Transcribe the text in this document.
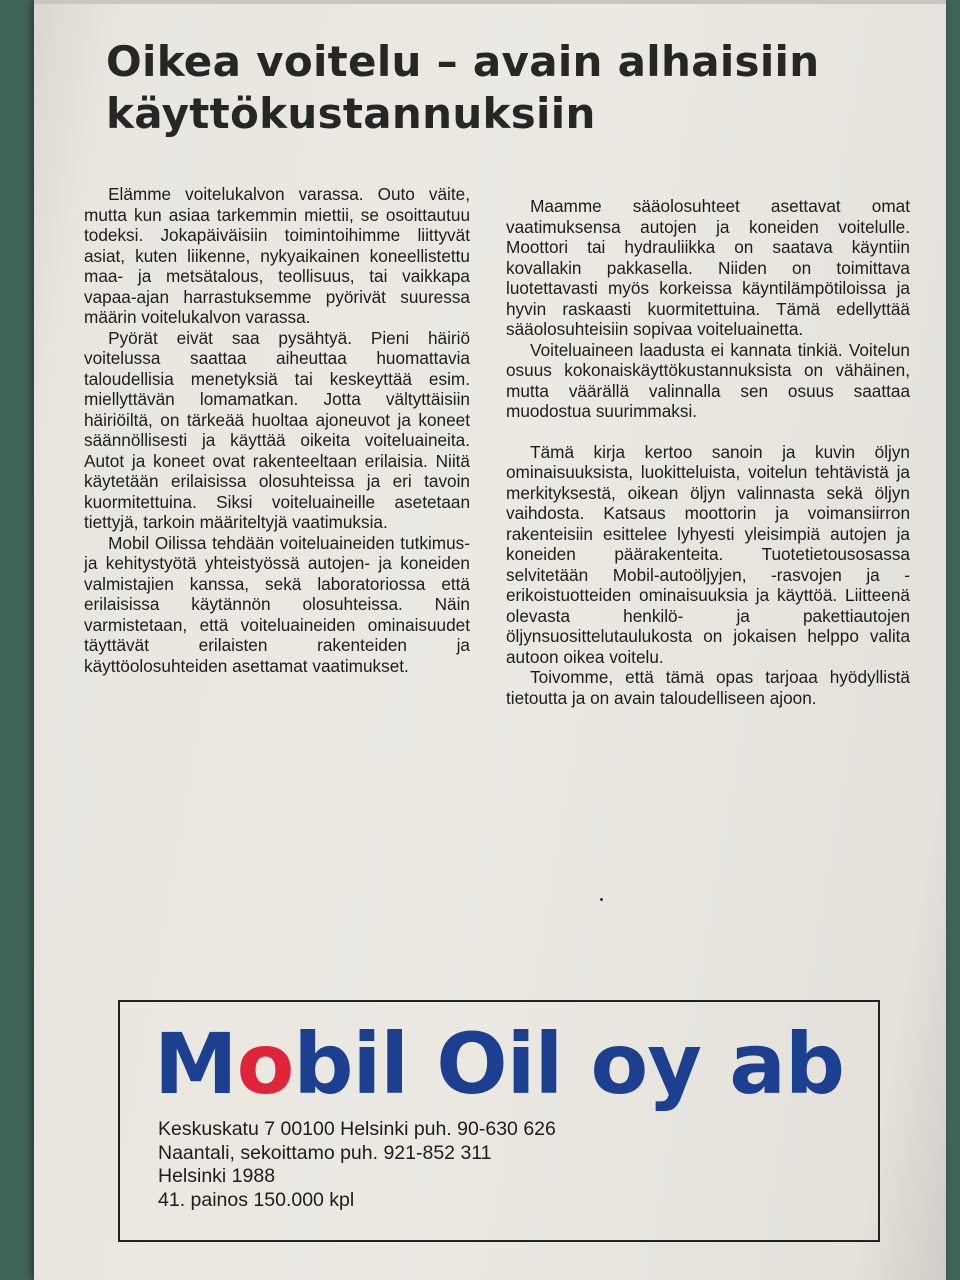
Oikea voitelu – avain alhaisiin
käyttökustannuksiin

Elämme voitelukalvon varassa. Outo väite, mutta kun asiaa tarkemmin miettii, se osoittautuu todeksi. Jokapäiväisiin toimintoihimme liittyvät asiat, kuten liikenne, nykyaikainen koneellistettu maa- ja metsätalous, teollisuus, tai vaikkapa vapaa-ajan harrastuksemme pyörivät suuressa määrin voitelukalvon varassa.

Pyörät eivät saa pysähtyä. Pieni häiriö voitelussa saattaa aiheuttaa huomattavia taloudellisia menetyksiä tai keskeyttää esim. miellyttävän lomamatkan. Jotta vältyttäisiin häiriöiltä, on tärkeää huoltaa ajoneuvot ja koneet säännöllisesti ja käyttää oikeita voiteluaineita. Autot ja koneet ovat rakenteeltaan erilaisia. Niitä käytetään erilaisissa olosuhteissa ja eri tavoin kuormitettuina. Siksi voiteluaineille asetetaan tiettyjä, tarkoin määriteltyjä vaatimuksia.

Mobil Oilissa tehdään voiteluaineiden tutkimus- ja kehitystyötä yhteistyössä autojen- ja koneiden valmistajien kanssa, sekä laboratoriossa että erilaisissa käytännön olosuhteissa. Näin varmistetaan, että voiteluaineiden ominaisuudet täyttävät erilaisten rakenteiden ja käyttöolosuhteiden asettamat vaatimukset.

Maamme sääolosuhteet asettavat omat vaatimuksensa autojen ja koneiden voitelulle. Moottori tai hydrauliikka on saatava käyntiin kovallakin pakkasella. Niiden on toimittava luotettavasti myös korkeissa käyntilämpötiloissa ja hyvin raskaasti kuormitettuina. Tämä edellyttää sääolosuhteisiin sopivaa voiteluainetta.

Voiteluaineen laadusta ei kannata tinkiä. Voitelun osuus kokonaiskäyttökustannuksista on vähäinen, mutta väärällä valinnalla sen osuus saattaa muodostua suurimmaksi.

Tämä kirja kertoo sanoin ja kuvin öljyn ominaisuuksista, luokitteluista, voitelun tehtävistä ja merkityksestä, oikean öljyn valinnasta sekä öljyn vaihdosta. Katsaus moottorin ja voimansiirron rakenteisiin esittelee lyhyesti yleisimpiä autojen ja koneiden päärakenteita. Tuotetietousosassa selvitetään Mobil-autoöljyjen, -rasvojen ja -erikoistuotteiden ominaisuuksia ja käyttöä. Liitteenä olevasta henkilö- ja pakettiautojen öljynsuosittelutaulukosta on jokaisen helppo valita autoon oikea voitelu.

Toivomme, että tämä opas tarjoaa hyödyllistä tietoutta ja on avain taloudelliseen ajoon.

Mobil Oil oy ab
Keskuskatu 7 00100 Helsinki puh. 90-630 626
Naantali, sekoittamo puh. 921-852 311
Helsinki 1988
41. painos 150.000 kpl
